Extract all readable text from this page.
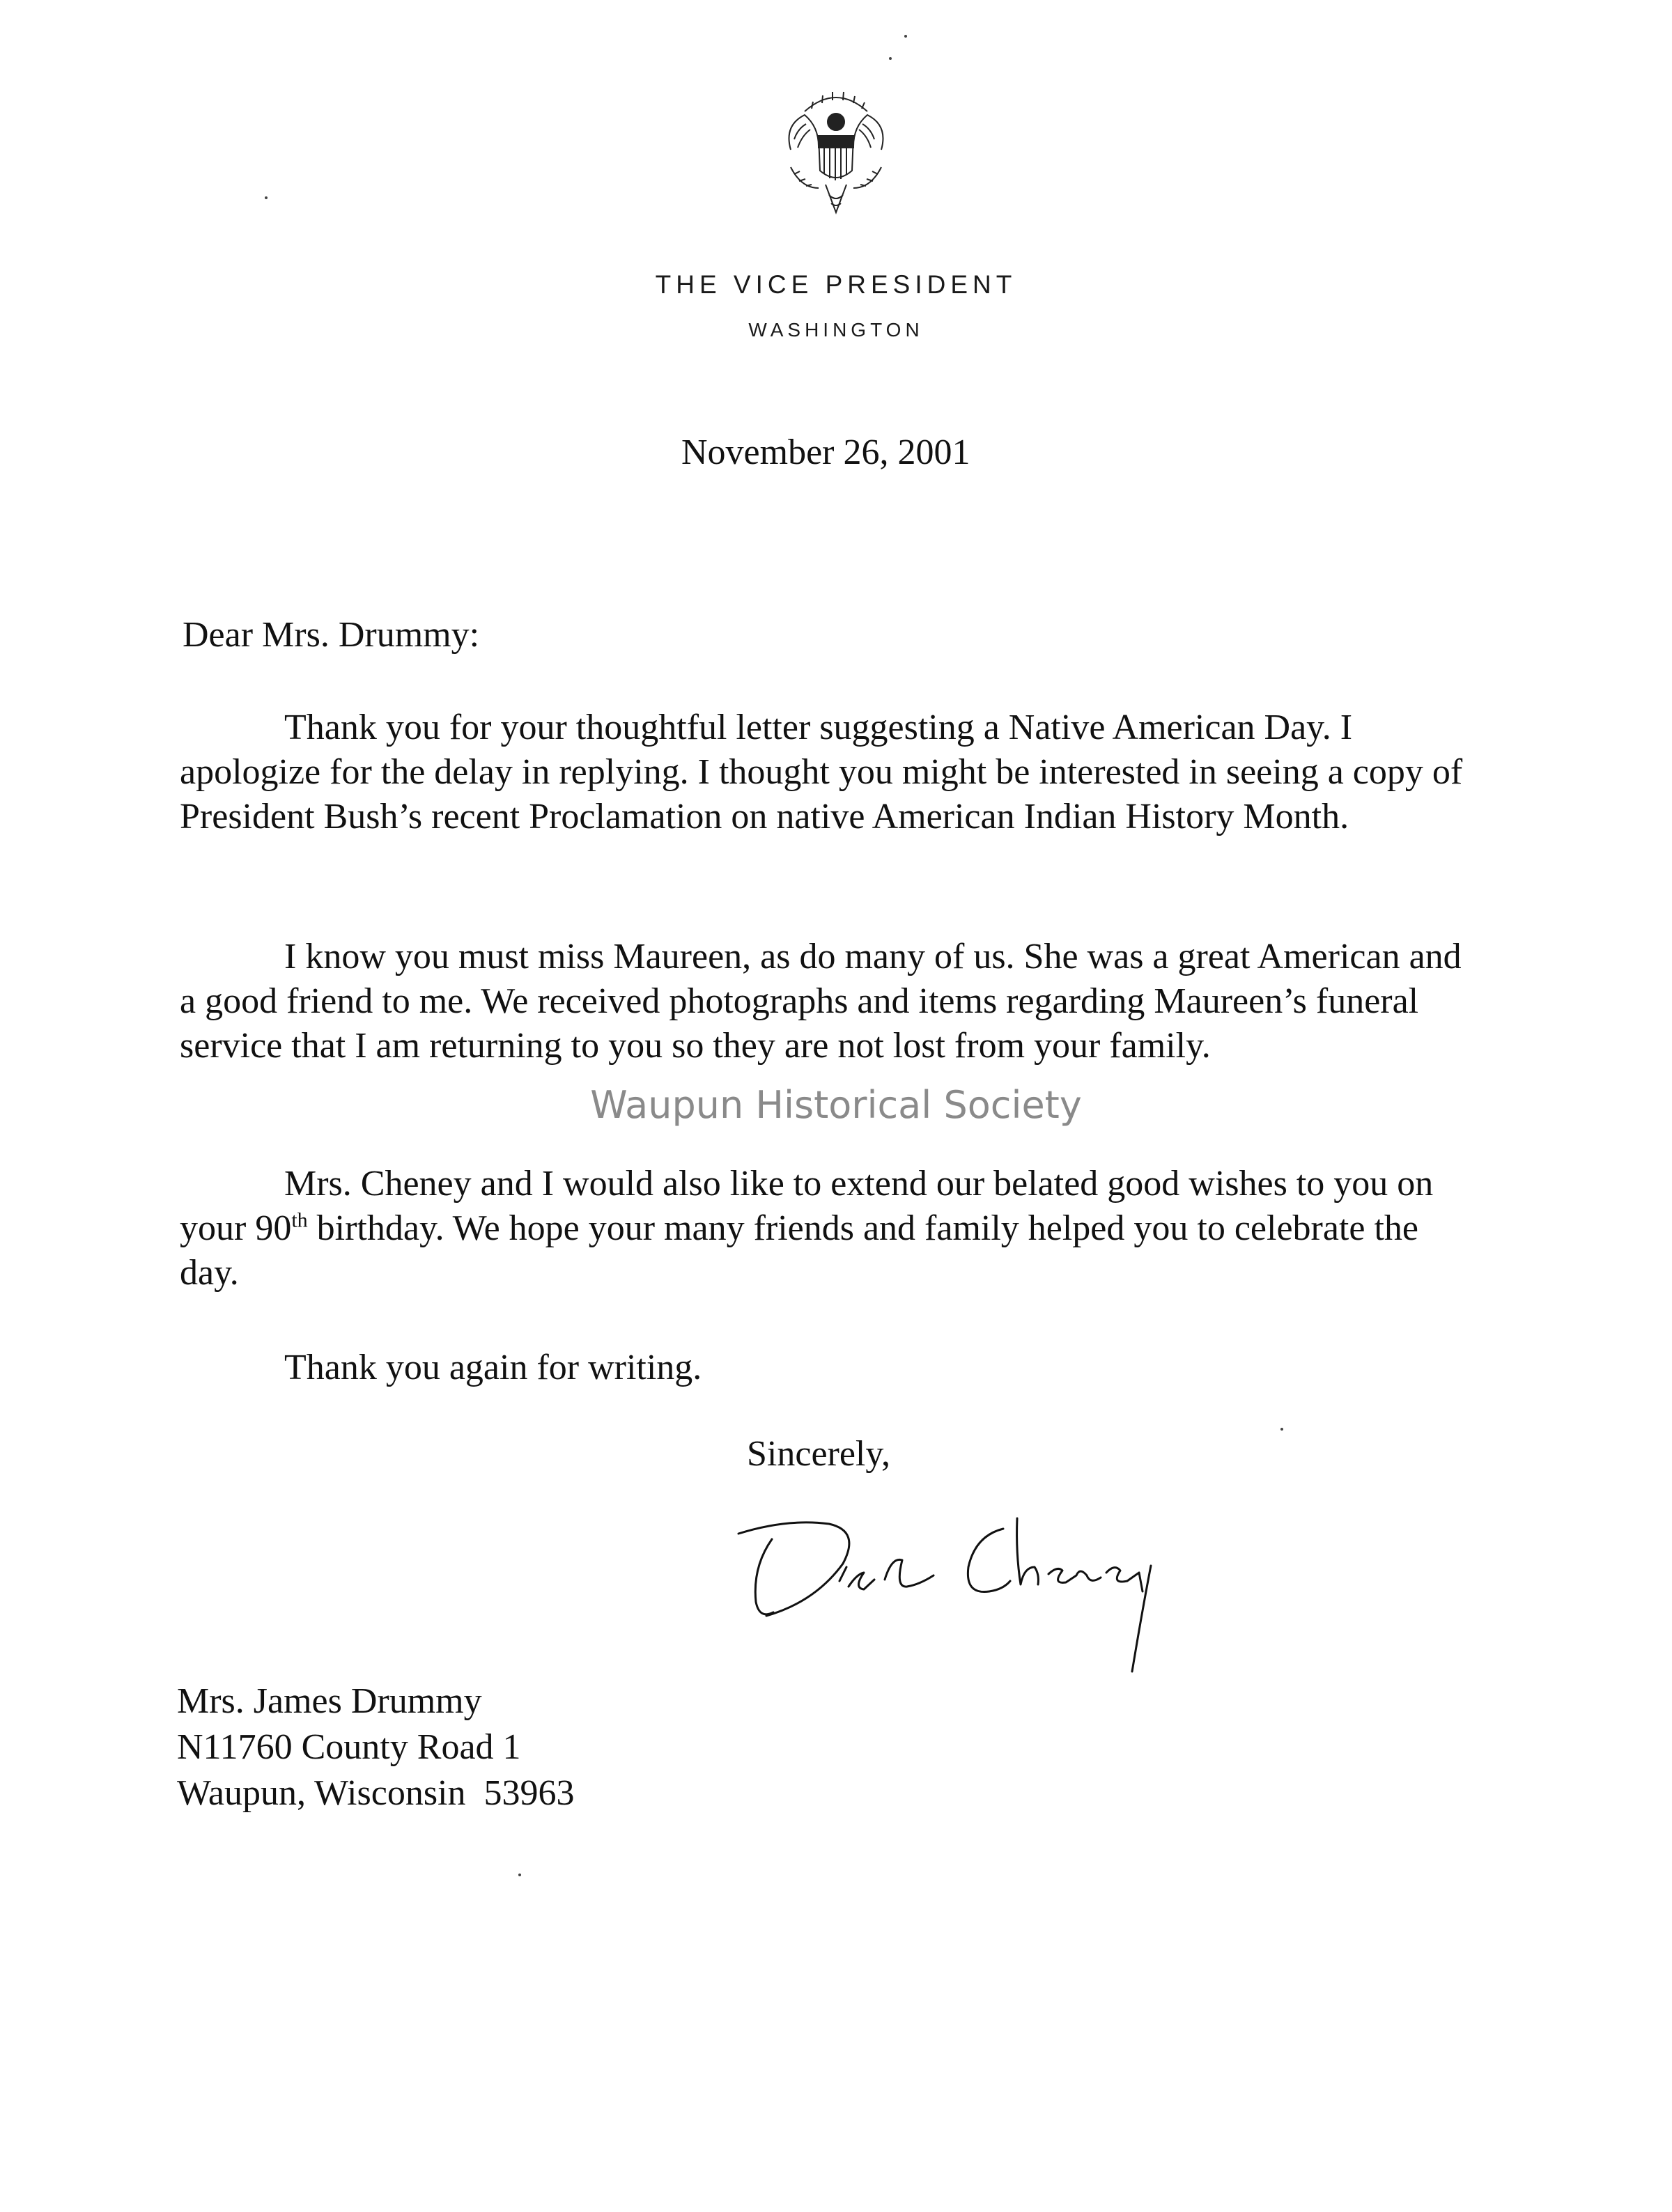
THE VICE PRESIDENT
WASHINGTON
November 26, 2001
Dear Mrs. Drummy:

Thank you for your thoughtful letter suggesting a Native American Day. I apologize for the delay in replying. I thought you might be interested in seeing a copy of President Bush’s recent Proclamation on native American Indian History Month.

I know you must miss Maureen, as do many of us. She was a great American and a good friend to me. We received photographs and items regarding Maureen’s funeral service that I am returning to you so they are not lost from your family.

Mrs. Cheney and I would also like to extend our belated good wishes to you on your 90th birthday. We hope your many friends and family helped you to celebrate the day.

Thank you again for writing.

Waupun Historical Society
Sincerely,
Mrs. James Drummy
N11760 County Road 1
Waupun, Wisconsin  53963
